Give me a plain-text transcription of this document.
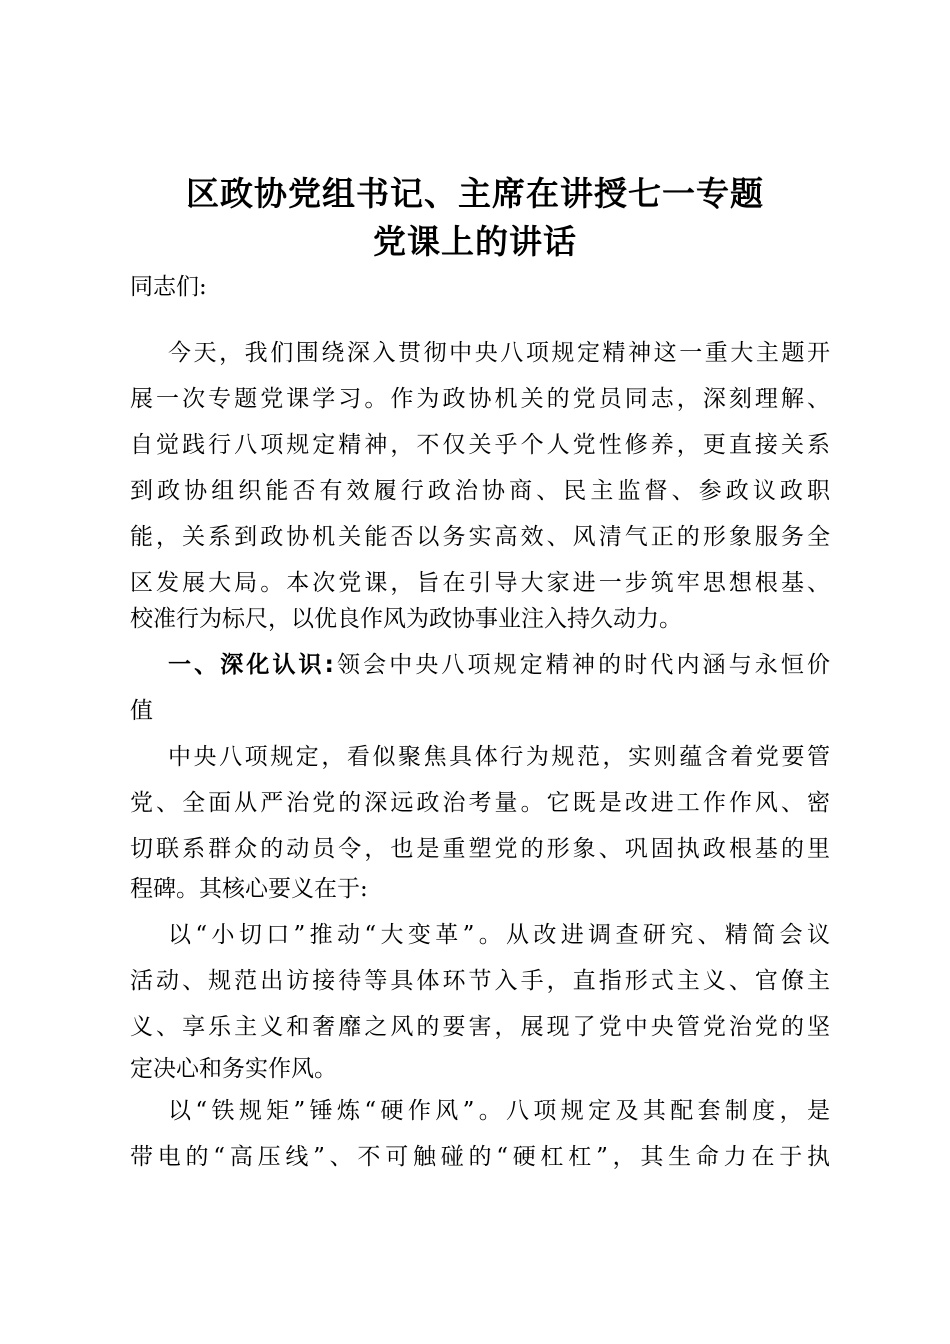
区政协党组书记、主席在讲授七一专题
党课上的讲话
同志们:
今天，我们围绕深入贯彻中央八项规定精神这一重大主题开
展一次专题党课学习。作为政协机关的党员同志，深刻理解、
自觉践行八项规定精神，不仅关乎个人党性修养，更直接关系
到政协组织能否有效履行政治协商、民主监督、参政议政职
能，关系到政协机关能否以务实高效、风清气正的形象服务全
区发展大局。本次党课，旨在引导大家进一步筑牢思想根基、
校准行为标尺，以优良作风为政协事业注入持久动力。
一、深化认识:领会中央八项规定精神的时代内涵与永恒价
值
中央八项规定，看似聚焦具体行为规范，实则蕴含着党要管
党、全面从严治党的深远政治考量。它既是改进工作作风、密
切联系群众的动员令，也是重塑党的形象、巩固执政根基的里
程碑。其核心要义在于:
以“小切口”推动“大变革”。从改进调查研究、精简会议
活动、规范出访接待等具体环节入手，直指形式主义、官僚主
义、享乐主义和奢靡之风的要害，展现了党中央管党治党的坚
定决心和务实作风。
以“铁规矩”锤炼“硬作风”。八项规定及其配套制度，是
带电的“高压线”、不可触碰的“硬杠杠”，其生命力在于执
